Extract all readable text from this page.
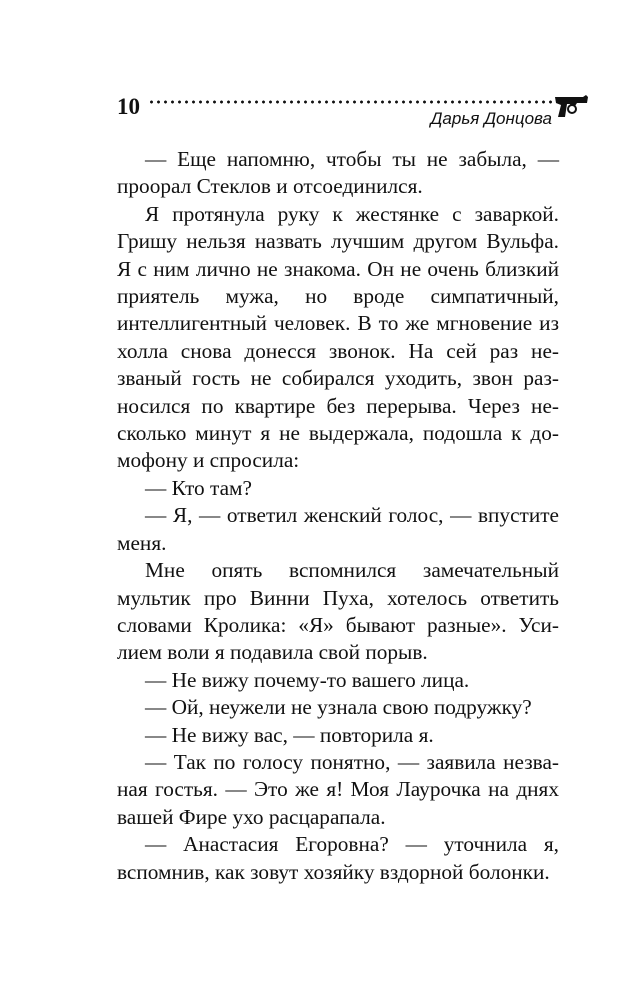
10	Дарья Донцова

— Еще напомню, чтобы ты не забыла, — проорал Стеклов и отсоединился.

Я протянула руку к жестянке с заваркой. Гришу нельзя назвать лучшим другом Вульфа. Я с ним лично не знакома. Он не очень близкий приятель мужа, но вроде симпатичный, интеллигентный человек. В то же мгновение из холла снова донесся звонок. На сей раз незваный гость не собирался уходить, звон разносился по квартире без перерыва. Через несколько минут я не выдержала, подошла к домофону и спросила:

— Кто там?

— Я, — ответил женский голос, — впустите меня.

Мне опять вспомнился замечательный мультик про Винни Пуха, хотелось ответить словами Кролика: «Я» бывают разные». Усилием воли я подавила свой порыв.

— Не вижу почему-то вашего лица.

— Ой, неужели не узнала свою подружку?

— Не вижу вас, — повторила я.

— Так по голосу понятно, — заявила незваная гостья. — Это же я! Моя Лаурочка на днях вашей Фире ухо расцарапала.

— Анастасия Егоровна? — уточнила я, вспомнив, как зовут хозяйку вздорной болонки.
